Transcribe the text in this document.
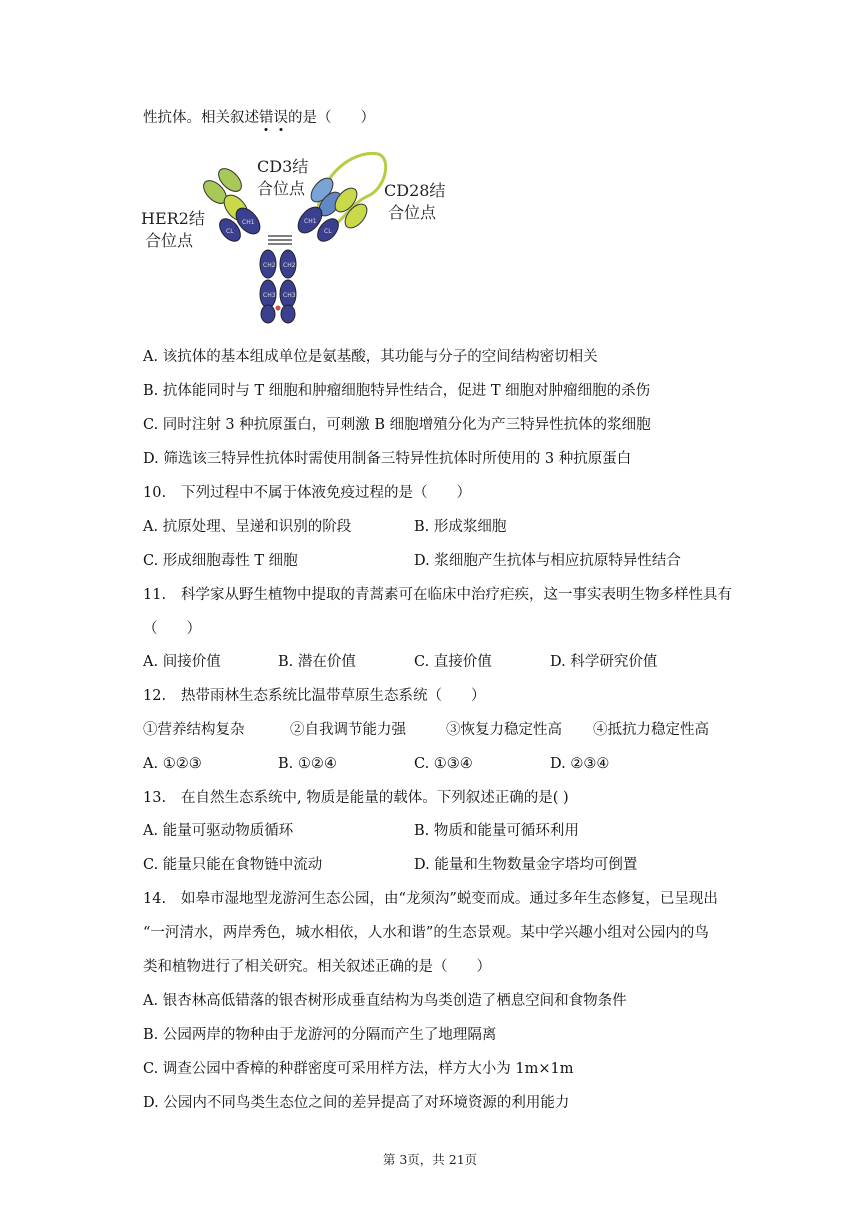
性抗体。相关叙述错误的是（　　）
CD3结
合位点	CD28结
合位点
HER2结
合位点
CH2 CH2
CH3 CH3
CH1	CH1
CL	CL
A. 该抗体的基本组成单位是氨基酸，其功能与分子的空间结构密切相关
B. 抗体能同时与 T 细胞和肿瘤细胞特异性结合，促进 T 细胞对肿瘤细胞的杀伤
C. 同时注射 3 种抗原蛋白，可刺激 B 细胞增殖分化为产三特异性抗体的浆细胞
D. 筛选该三特异性抗体时需使用制备三特异性抗体时所使用的 3 种抗原蛋白
10. 下列过程中不属于体液免疫过程的是（　　）
A. 抗原处理、呈递和识别的阶段	B. 形成浆细胞
C. 形成细胞毒性 T 细胞	D. 浆细胞产生抗体与相应抗原特异性结合
11. 科学家从野生植物中提取的青蒿素可在临床中治疗疟疾，这一事实表明生物多样性具有
（　　）
A. 间接价值	B. 潜在价值	C. 直接价值	D. 科学研究价值
12. 热带雨林生态系统比温带草原生态系统（　　）
①营养结构复杂	②自我调节能力强	③恢复力稳定性高 ④抵抗力稳定性高
A. ①②③	B. ①②④	C. ①③④	D. ②③④
13. 在自然生态系统中, 物质是能量的载体。下列叙述正确的是( )
A. 能量可驱动物质循环	B. 物质和能量可循环利用
C. 能量只能在食物链中流动	D. 能量和生物数量金字塔均可倒置
14. 如皋市湿地型龙游河生态公园，由“龙须沟”蜕变而成。通过多年生态修复，已呈现出
“一河清水，两岸秀色，城水相依，人水和谐”的生态景观。某中学兴趣小组对公园内的鸟
类和植物进行了相关研究。相关叙述正确的是（　　）
A. 银杏林高低错落的银杏树形成垂直结构为鸟类创造了栖息空间和食物条件
B. 公园两岸的物种由于龙游河的分隔而产生了地理隔离
C. 调查公园中香樟的种群密度可采用样方法，样方大小为 1m×1m
D. 公园内不同鸟类生态位之间的差异提高了对环境资源的利用能力
第 3页，共 21页
